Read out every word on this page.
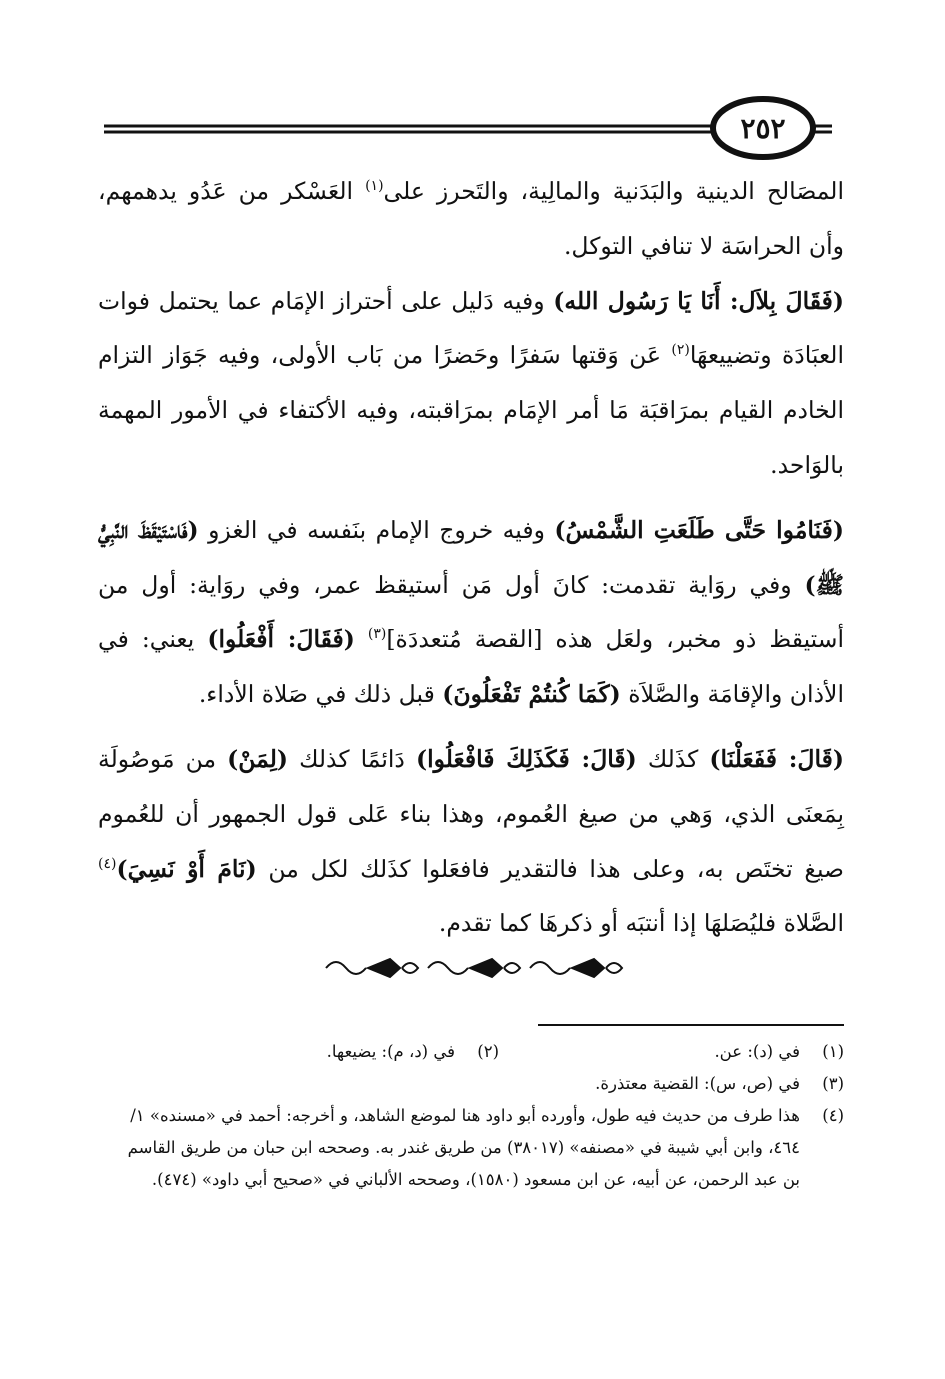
٢٥٢

المصَالح الدينية والبَدَنية والمالِية، والتَحرز على$^{(١)}$ العَسْكر من عَدُو يدهمهم، وأن الحراسَة لا تنافي التوكل.

(فَقَالَ بِلاَل: أَنَا يَا رَسُول الله) وفيه دَليل على أحتراز الإمَام عما يحتمل فوات العبَادَة وتضييعهَا$^{(٢)}$ عَن وَقتها سَفرًا وحَضرًا من بَاب الأولى، وفيه جَوَاز التزام الخادم القيام بمرَاقبَة مَا أمر الإمَام بمرَاقبته، وفيه الأكتفاء في الأمور المهمة بالوَاحد.

(فَنَامُوا حَتَّى طَلَعَتِ الشَّمْسُ) وفيه خروج الإمام بنَفسه في الغزو (فَاسْتَيْقَظَ النَّبِيُّ ﷺ) وفي روَاية تقدمت: كانَ أول مَن أستيقظ عمر، وفي روَاية: أول من أستيقظ ذو مخبر، ولعَل هذه [القصة مُتعددَة]$^{(٣)}$ (فَقَالَ: أَفْعَلُوا) يعني: في الأذان والإقامَة والصَّلاَة (كَمَا كُنتُمْ تَفْعَلُونَ) قبل ذلك في صَلاة الأداء.

(قَالَ: فَفَعَلْنَا) كذَلك (قَالَ: فَكَذَلِكَ فَافْعَلُوا) دَائمًا كذلك (لِمَنْ) من مَوصُولَة بِمَعنَى الذي، وَهي من صيغ العُموم، وهذا بناء عَلى قول الجمهور أن للعُموم صيغ تختَص به، وعلى هذا فالتقدير فافعَلوا كذَلك لكل من (نَامَ أَوْ نَسِيَ)$^{(٤)}$ الصَّلاة فليُصَلهَا إذا أنتبَه أو ذكرهَا كما تقدم.

(١)
في (د): عن.
(٢)
في (د، م): يضيعها.
(٣)
في (ص، س): القضية معتذرة.
(٤)
هذا طرف من حديث فيه طول، وأورده أبو داود هنا لموضع الشاهد، و أخرجه: أحمد في «مسنده» ١/ ٤٦٤، وابن أبي شيبة في «مصنفه» (٣٨٠١٧) من طريق غندر به. وصححه ابن حبان من طريق القاسم بن عبد الرحمن، عن أبيه، عن ابن مسعود (١٥٨٠)، وصححه الألباني في «صحيح أبي داود» (٤٧٤).
